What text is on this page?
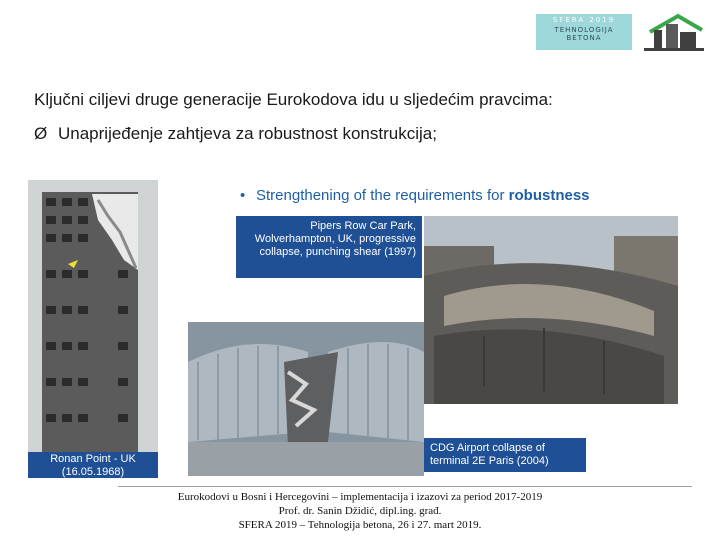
SFERA 2019
TEHNOLOGIJA
BETONA
Ključni ciljevi druge generacije Eurokodova idu u sljedećim pravcima:
Ø Unaprijeđenje zahtjeva za robustnost konstrukcija;
• Strengthening of the requirements for robustness
Pipers Row Car Park,
Wolverhampton, UK, progressive
collapse, punching shear (1997)
Ronan Point - UK
(16.05.1968)
CDG Airport collapse of
terminal 2E Paris (2004)
Eurokodovi u Bosni i Hercegovini – implementacija i izazovi za period 2017-2019
Prof. dr. Sanin Džidić, dipl.ing. građ.
SFERA 2019 – Tehnologija betona, 26 i 27. mart 2019.
